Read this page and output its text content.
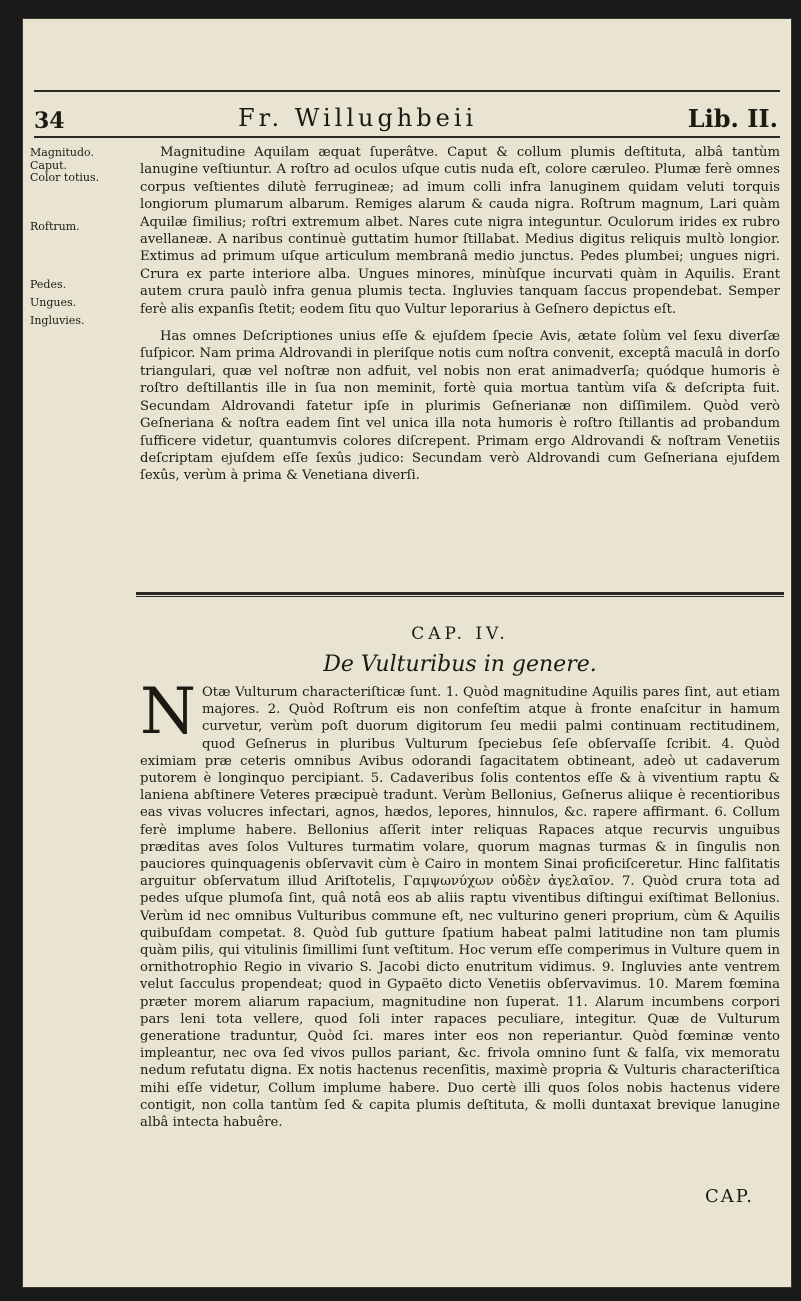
34	Fr. Willughbeii	Lib. II.
Magnitudo.
Caput.
Color totius.
Roftrum.
Pedes.
Ungues.
Ingluvies.

Magnitudine Aquilam æquat ſuperâtve. Caput & collum plumis deſtituta, albâ tantùm lanugine veſtiuntur. A roſtro ad oculos uſque cutis nuda eſt, colore cæruleo. Plumæ ferè omnes corpus veſtientes dilutè ferrugineæ; ad imum colli infra lanuginem quidam veluti torquis longiorum plumarum albarum. Remiges alarum & cauda nigra. Roſtrum magnum, Lari quàm Aquilæ ſimilius; roſtri extremum albet. Nares cute nigra integuntur. Oculorum irides ex rubro avellaneæ. A naribus continuè guttatim humor ſtillabat. Medius digitus reliquis multò longior. Extimus ad primum uſque articulum membranâ medio junctus. Pedes plumbei; ungues nigri. Crura ex parte interiore alba. Ungues minores, minùſque incurvati quàm in Aquilis. Erant autem crura paulò infra genua plumis tecta. Ingluvies tanquam ſaccus propendebat. Semper ferè alis expanſis ſtetit; eodem ſitu quo Vultur leporarius à Geſnero depictus eſt.

Has omnes Deſcriptiones unius eſſe & ejuſdem ſpecie Avis, ætate ſolùm vel ſexu diverſæ ſuſpicor. Nam prima Aldrovandi in pleriſque notis cum noſtra convenit, exceptâ maculâ in dorſo triangulari, quæ vel noſtræ non adfuit, vel nobis non erat animadverſa; quódque humoris è roſtro deſtillantis ille in ſua non meminit, fortè quia mortua tantùm viſa & deſcripta fuit. Secundam Aldrovandi fatetur ipſe in plurimis Geſnerianæ non diſſimilem. Quòd verò Geſneriana & noſtra eadem ſint vel unica illa nota humoris è roſtro ſtillantis ad probandum ſufficere videtur, quantumvis colores diſcrepent. Primam ergo Aldrovandi & noſtram Venetiis deſcriptam ejuſdem eſſe ſexûs judico: Secundam verò Aldrovandi cum Geſneriana ejuſdem ſexûs, verùm à prima & Venetiana diverſi.

CAP. IV.
De Vulturibus in genere.
N Otæ Vulturum characteriſticæ ſunt. 1. Quòd magnitudine Aquilis pares ſint, aut etiam majores. 2. Quòd Roſtrum eis non confeſtim atque à fronte enaſcitur in hamum curvetur, verùm poſt duorum digitorum ſeu medii palmi continuam rectitudinem, quod Geſnerus in pluribus Vulturum ſpeciebus ſeſe obſervaſſe ſcribit. 4. Quòd eximiam præ ceteris omnibus Avibus odorandi ſagacitatem obtineant, adeò ut cadaverum putorem è longinquo percipiant. 5. Cadaveribus ſolis contentos eſſe & à viventium raptu & laniena abſtinere Veteres præcipuè tradunt. Verùm Bellonius, Geſnerus aliique è recentioribus eas vivas volucres infectari, agnos, hædos, lepores, hinnulos, &c. rapere affirmant. 6. Collum ferè implume habere. Bellonius aſſerit inter reliquas Rapaces atque recurvis unguibus præditas aves ſolos Vultures turmatim volare, quorum magnas turmas & in ſingulis non pauciores quinquagenis obſervavit cùm è Cairo in montem Sinai proficiſceretur. Hinc falſitatis arguitur obſervatum illud Ariſtotelis, Γαμψωνύχων οὐδὲν ἀγελαῖον. 7. Quòd crura tota ad pedes uſque plumoſa ſint, quâ notâ eos ab aliis raptu viventibus diſtingui exiſtimat Bellonius. Verùm id nec omnibus Vulturibus commune eſt, nec vulturino generi proprium, cùm & Aquilis quibuſdam competat. 8. Quòd ſub gutture ſpatium habeat palmi latitudine non tam plumis quàm pilis, qui vitulinis ſimillimi ſunt veſtitum. Hoc verum eſſe comperimus in Vulture quem in ornithotrophio Regio in vivario S. Jacobi dicto enutritum vidimus. 9. Ingluvies ante ventrem velut ſacculus propendeat; quod in Gypaëto dicto Venetiis obſervavimus. 10. Marem fœmina præter morem aliarum rapacium, magnitudine non ſuperat. 11. Alarum incumbens corpori pars leni tota vellere, quod ſoli inter rapaces peculiare, integitur. Quæ de Vulturum generatione traduntur, Quòd ſci. mares inter eos non reperiantur. Quòd fœminæ vento impleantur, nec ova ſed vivos pullos pariant, &c. frivola omnino ſunt & falſa, vix memoratu nedum refutatu digna. Ex notis hactenus recenſitis, maximè propria & Vulturis characteriſtica mihi eſſe videtur, Collum implume habere. Duo certè illi quos ſolos nobis hactenus videre contigit, non colla tantùm ſed & capita plumis deſtituta, & molli duntaxat brevique lanugine albâ intecta habuêre.

CAP.
